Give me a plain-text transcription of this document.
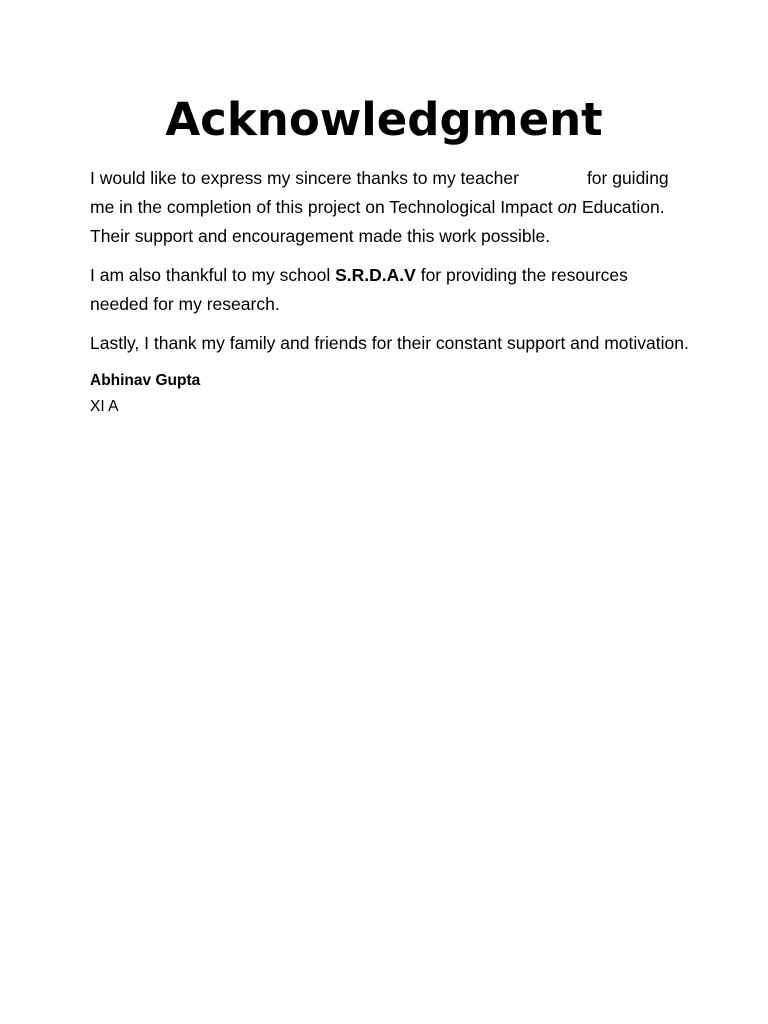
Acknowledgment

I would like to express my sincere thanks to my teacher	for guiding me in the completion of this project on Technological Impact on Education. Their support and encouragement made this work possible.

I am also thankful to my school S.R.D.A.V for providing the resources needed for my research.

Lastly, I thank my family and friends for their constant support and motivation.

Abhinav Gupta

XI A
